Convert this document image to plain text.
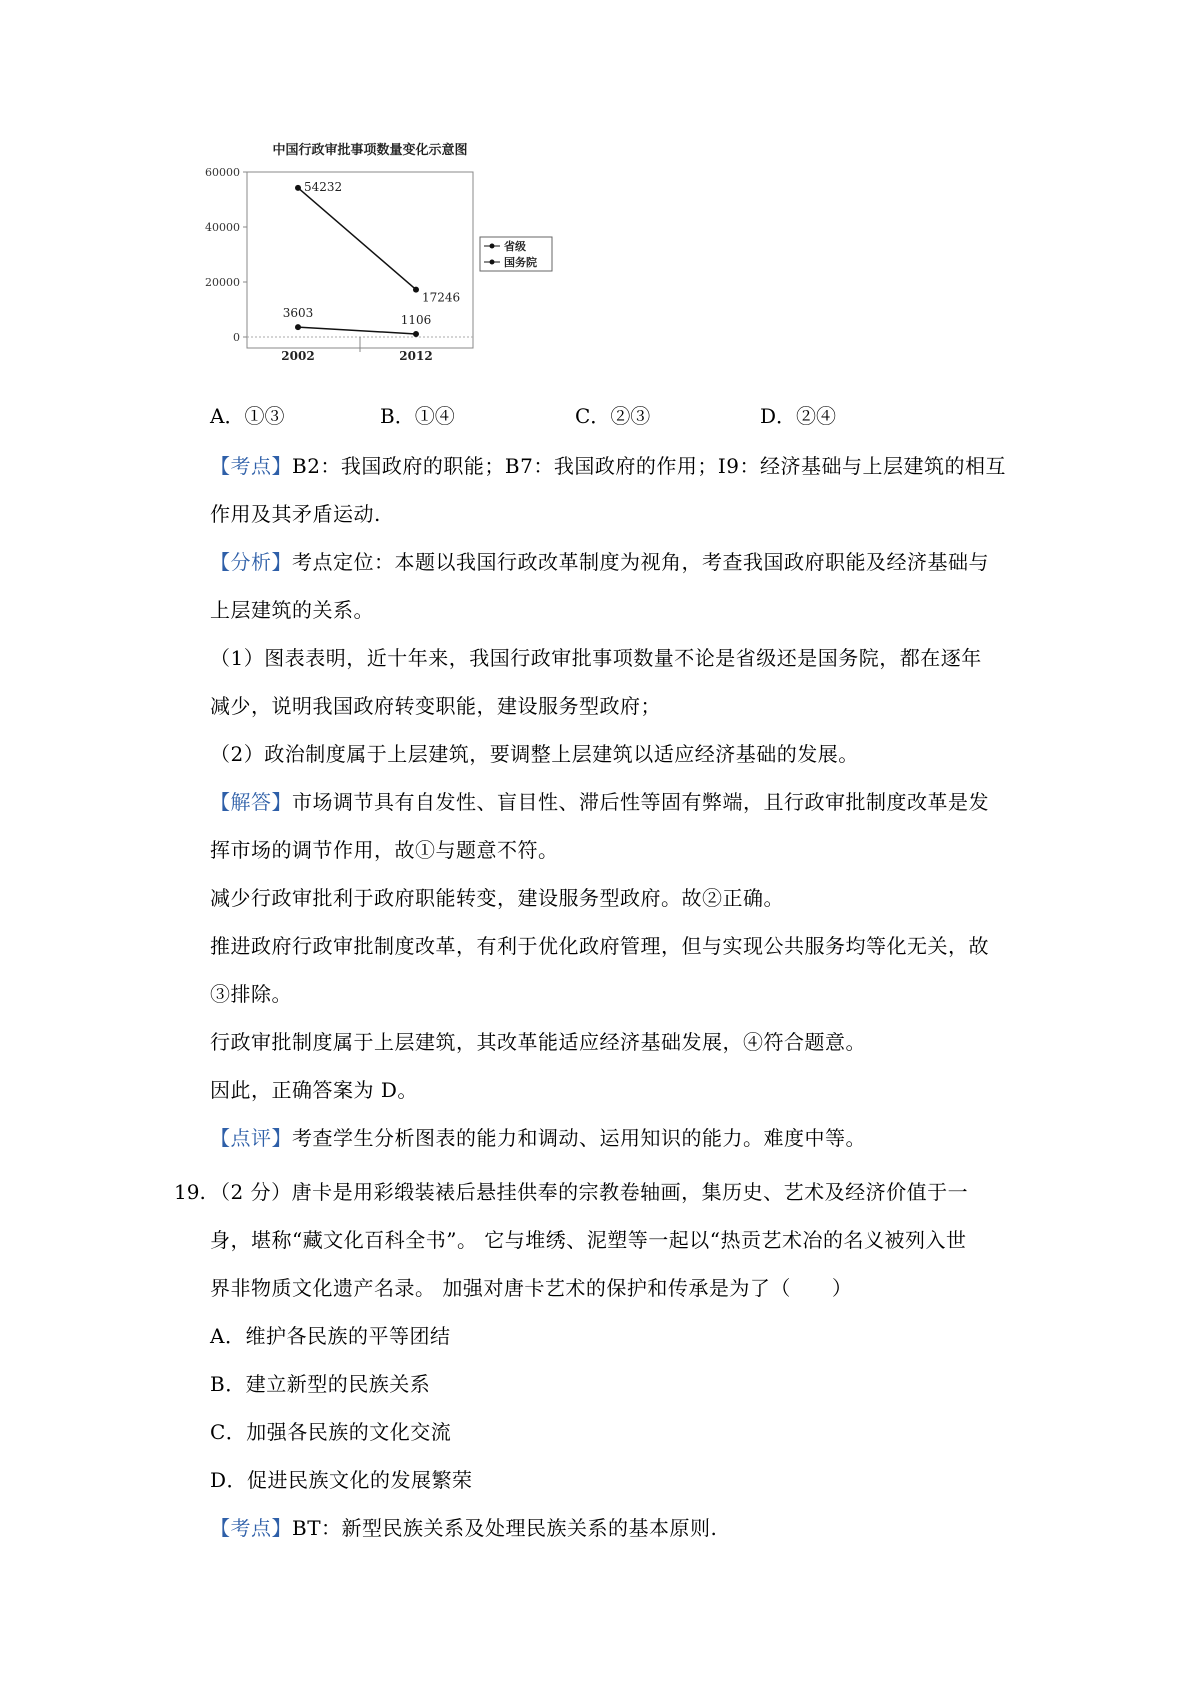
中国行政审批事项数量变化示意图
60000
40000
20000
0
2002	2012
54232
17246
3603	1106
省级
国务院
A．①③	B．①④	C．②③	D．②④
【考点】B2：我国政府的职能；B7：我国政府的作用；I9：经济基础与上层建筑的相互
作用及其矛盾运动.
【分析】考点定位：本题以我国行政改革制度为视角，考查我国政府职能及经济基础与
上层建筑的关系。
（1）图表表明，近十年来，我国行政审批事项数量不论是省级还是国务院，都在逐年
减少，说明我国政府转变职能，建设服务型政府；
（2）政治制度属于上层建筑，要调整上层建筑以适应经济基础的发展。
【解答】市场调节具有自发性、盲目性、滞后性等固有弊端，且行政审批制度改革是发
挥市场的调节作用，故①与题意不符。
减少行政审批利于政府职能转变，建设服务型政府。故②正确。
推进政府行政审批制度改革，有利于优化政府管理，但与实现公共服务均等化无关，故
③排除。
行政审批制度属于上层建筑，其改革能适应经济基础发展，④符合题意。
因此，正确答案为 D。
【点评】考查学生分析图表的能力和调动、运用知识的能力。难度中等。
19. （2 分）唐卡是用彩缎装裱后悬挂供奉的宗教卷轴画，集历史、艺术及经济价值于一
身，堪称“藏文化百科全书”。 它与堆绣、泥塑等一起以“热贡艺术冶的名义被列入世
界非物质文化遗产名录。 加强对唐卡艺术的保护和传承是为了（　　）
A．维护各民族的平等团结
B．建立新型的民族关系
C．加强各民族的文化交流
D．促进民族文化的发展繁荣
【考点】BT：新型民族关系及处理民族关系的基本原则.
